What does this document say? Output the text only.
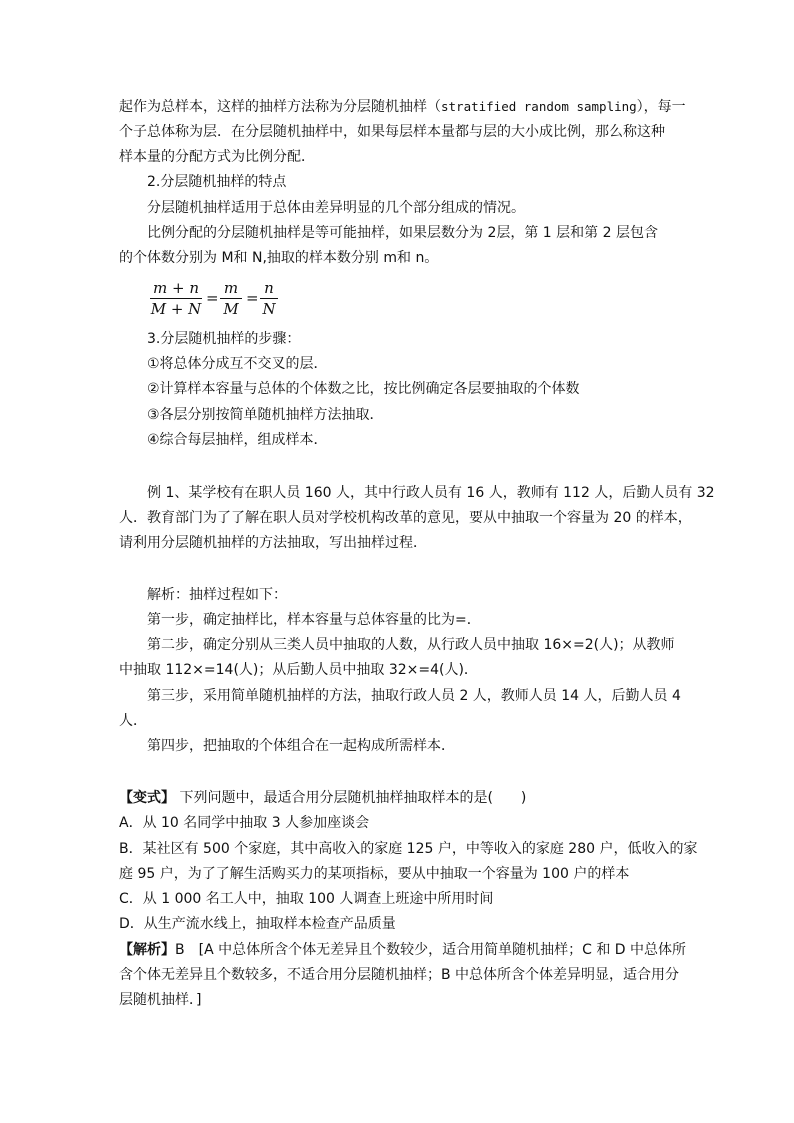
起作为总样本，这样的抽样方法称为分层随机抽样（stratified random sampling），每一
个子总体称为层．在分层随机抽样中，如果每层样本量都与层的大小成比例，那么称这种
样本量的分配方式为比例分配．
2.分层随机抽样的特点
分层随机抽样适用于总体由差异明显的几个部分组成的情况。
比例分配的分层随机抽样是等可能抽样，如果层数分为 2层，第 1 层和第 2 层包含
的个体数分别为 M和 N,抽取的样本数分别 m和 n。
m + n
M + N
=
m
M
=
n
N
3.分层随机抽样的步骤：
①将总体分成互不交叉的层．
②计算样本容量与总体的个体数之比，按比例确定各层要抽取的个体数
③各层分别按简单随机抽样方法抽取．
④综合每层抽样，组成样本．
例 1、某学校有在职人员 160 人，其中行政人员有 16 人，教师有 112 人，后勤人员有 32
人．教育部门为了了解在职人员对学校机构改革的意见，要从中抽取一个容量为 20 的样本，
请利用分层随机抽样的方法抽取，写出抽样过程．
解析：抽样过程如下：
第一步，确定抽样比，样本容量与总体容量的比为=．
第二步，确定分别从三类人员中抽取的人数，从行政人员中抽取 16×=2(人)；从教师
中抽取 112×=14(人)；从后勤人员中抽取 32×=4(人)．
第三步，采用简单随机抽样的方法，抽取行政人员 2 人，教师人员 14 人，后勤人员 4
人．
第四步，把抽取的个体组合在一起构成所需样本．
【变式】 下列问题中，最适合用分层随机抽样抽取样本的是(　　)
A．从 10 名同学中抽取 3 人参加座谈会
B．某社区有 500 个家庭，其中高收入的家庭 125 户，中等收入的家庭 280 户，低收入的家
庭 95 户，为了了解生活购买力的某项指标，要从中抽取一个容量为 100 户的样本
C．从 1 000 名工人中，抽取 100 人调查上班途中所用时间
D．从生产流水线上，抽取样本检查产品质量
【解析】B　[A 中总体所含个体无差异且个数较少，适合用简单随机抽样；C 和 D 中总体所
含个体无差异且个数较多，不适合用分层随机抽样；B 中总体所含个体差异明显，适合用分
层随机抽样．]
